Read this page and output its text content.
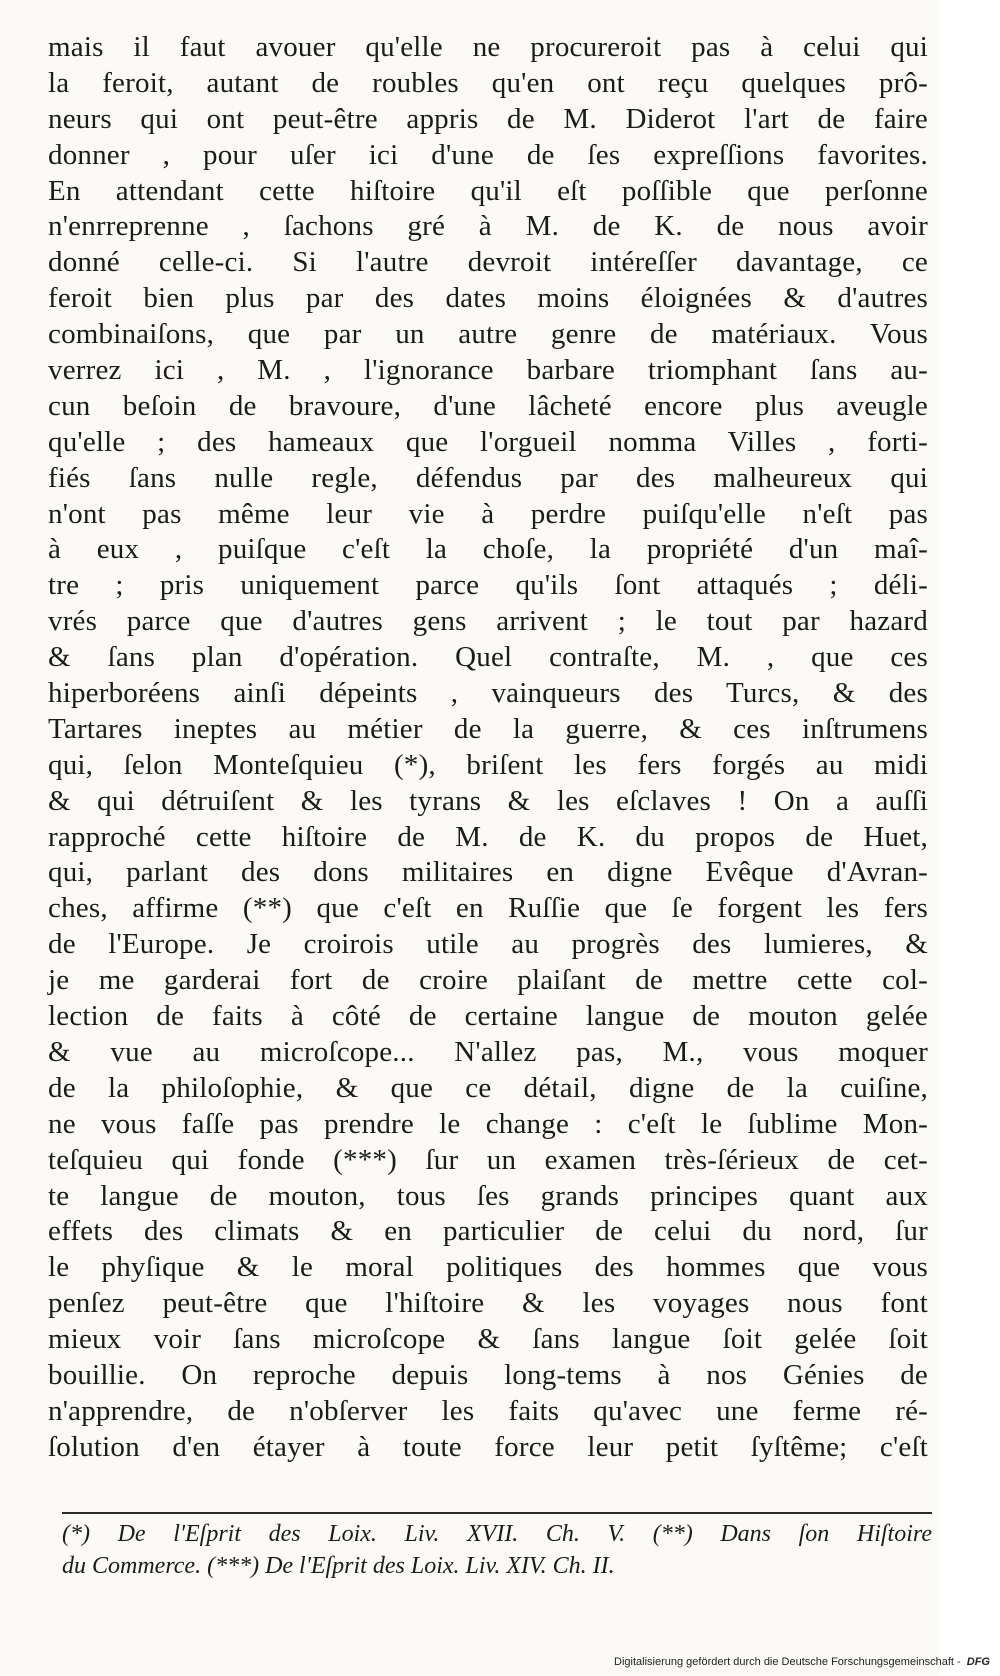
mais il faut avouer qu'elle ne procureroit pas à celui qui
la feroit, autant de roubles qu'en ont reçu quelques prô-
neurs qui ont peut-être appris de M. Diderot l'art de faire
donner , pour uſer ici d'une de ſes expreſſions favorites.
En attendant cette hiſtoire qu'il eſt poſſible que perſonne
n'enrreprenne , ſachons gré à M. de K. de nous avoir
donné celle-ci. Si l'autre devroit intéreſſer davantage, ce
feroit bien plus par des dates moins éloignées & d'autres
combinaiſons, que par un autre genre de matériaux. Vous
verrez ici , M. , l'ignorance barbare triomphant ſans au-
cun beſoin de bravoure, d'une lâcheté encore plus aveugle
qu'elle ; des hameaux que l'orgueil nomma Villes , forti-
fiés ſans nulle regle, défendus par des malheureux qui
n'ont pas même leur vie à perdre puiſqu'elle n'eſt pas
à eux , puiſque c'eſt la choſe, la propriété d'un maî-
tre ; pris uniquement parce qu'ils ſont attaqués ; déli-
vrés parce que d'autres gens arrivent ; le tout par hazard
& ſans plan d'opération. Quel contraſte, M. , que ces
hiperboréens ainſi dépeints , vainqueurs des Turcs, & des
Tartares ineptes au métier de la guerre, & ces inſtrumens
qui, ſelon Monteſquieu (*), briſent les fers forgés au midi
& qui détruiſent & les tyrans & les eſclaves ! On a auſſi
rapproché cette hiſtoire de M. de K. du propos de Huet,
qui, parlant des dons militaires en digne Evêque d'Avran-
ches, affirme (**) que c'eſt en Ruſſie que ſe forgent les fers
de l'Europe. Je croirois utile au progrès des lumieres, &
je me garderai fort de croire plaiſant de mettre cette col-
lection de faits à côté de certaine langue de mouton gelée
& vue au microſcope... N'allez pas, M., vous moquer
de la philoſophie, & que ce détail, digne de la cuiſine,
ne vous faſſe pas prendre le change : c'eſt le ſublime Mon-
teſquieu qui fonde (***) ſur un examen très-ſérieux de cet-
te langue de mouton, tous ſes grands principes quant aux
effets des climats & en particulier de celui du nord, ſur
le phyſique & le moral politiques des hommes que vous
penſez peut-être que l'hiſtoire & les voyages nous font
mieux voir ſans microſcope & ſans langue ſoit gelée ſoit
bouillie. On reproche depuis long-tems à nos Génies de
n'apprendre, de n'obſerver les faits qu'avec une ferme ré-
ſolution d'en étayer à toute force leur petit ſyſtême; c'eſt
(*) De l'Eſprit des Loix. Liv. XVII. Ch. V. (**) Dans ſon Hiſtoire
du Commerce. (***) De l'Eſprit des Loix. Liv. XIV. Ch. II.
Digitalisierung gefördert durch die Deutsche Forschungsgemeinschaft - DFG
